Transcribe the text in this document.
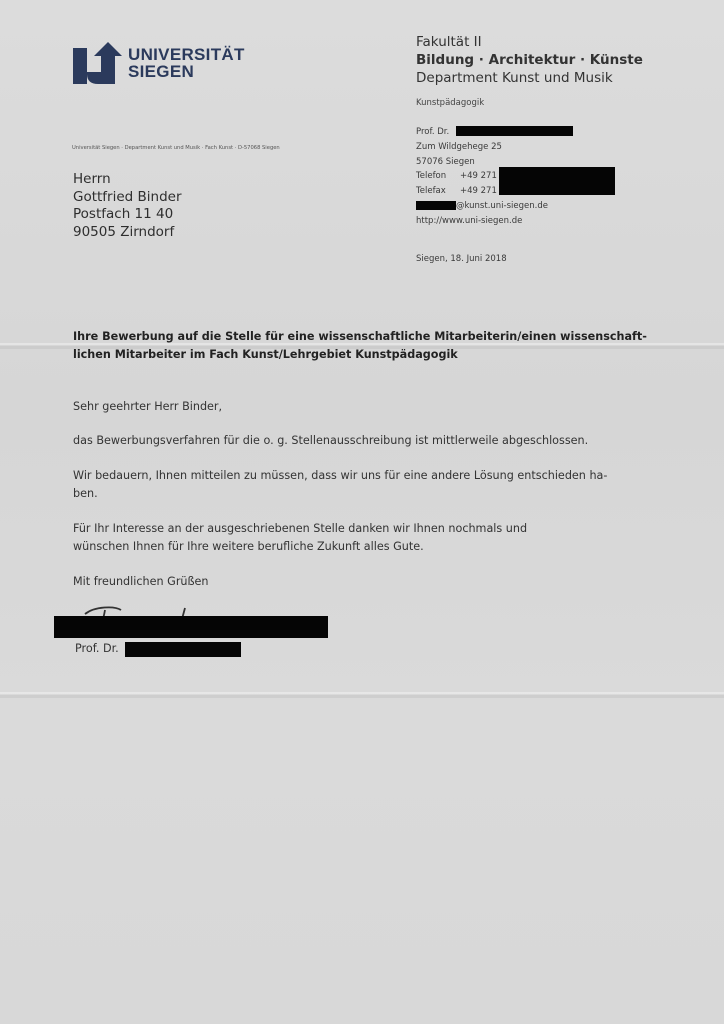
UNIVERSITÄT
SIEGEN
Fakultät II
Bildung · Architektur · Künste
Department Kunst und Musik
Kunstpädagogik
Prof. Dr.
Zum Wildgehege 25
57076 Siegen
Telefon +49 271
Telefax +49 271
@kunst.uni-siegen.de
http://www.uni-siegen.de
Universität Siegen · Department Kunst und Musik · Fach Kunst · D-57068 Siegen
Herrn
Gottfried Binder
Postfach 11 40
90505 Zirndorf
Siegen, 18. Juni 2018
Ihre Bewerbung auf die Stelle für eine wissenschaftliche Mitarbeiterin/einen wissenschaft-
lichen Mitarbeiter im Fach Kunst/Lehrgebiet Kunstpädagogik
Sehr geehrter Herr Binder,
das Bewerbungsverfahren für die o. g. Stellenausschreibung ist mittlerweile abgeschlossen.
Wir bedauern, Ihnen mitteilen zu müssen, dass wir uns für eine andere Lösung entschieden ha-
ben.
Für Ihr Interesse an der ausgeschriebenen Stelle danken wir Ihnen nochmals und
wünschen Ihnen für Ihre weitere berufliche Zukunft alles Gute.
Mit freundlichen Grüßen
Prof. Dr.
